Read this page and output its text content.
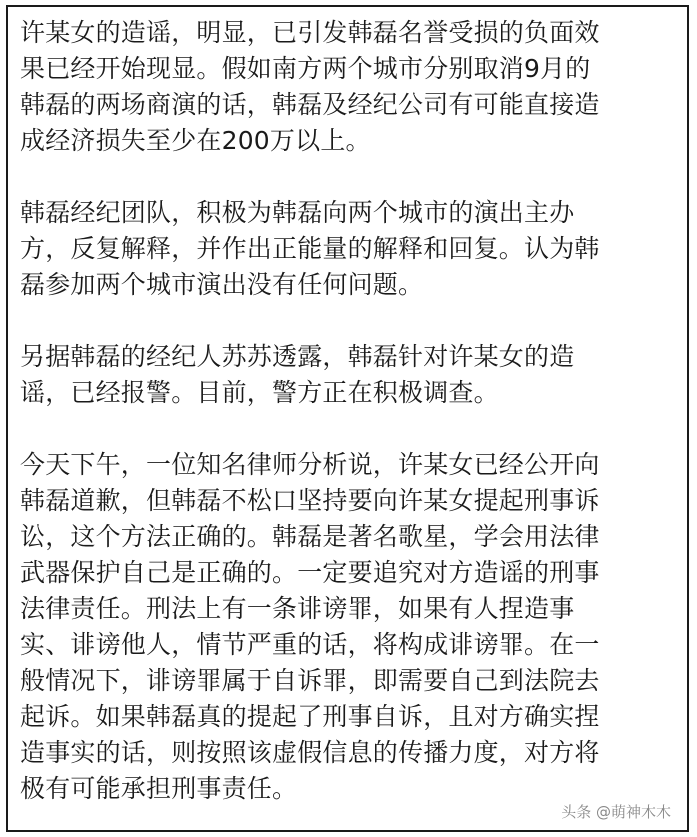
许某女的造谣，明显，已引发韩磊名誉受损的负面效
果已经开始现显。假如南方两个城市分别取消9月的
韩磊的两场商演的话，韩磊及经纪公司有可能直接造
成经济损失至少在200万以上。

韩磊经纪团队，积极为韩磊向两个城市的演出主办
方，反复解释，并作出正能量的解释和回复。认为韩
磊参加两个城市演出没有任何问题。

另据韩磊的经纪人苏苏透露，韩磊针对许某女的造
谣，已经报警。目前，警方正在积极调查。

今天下午，一位知名律师分析说，许某女已经公开向
韩磊道歉，但韩磊不松口坚持要向许某女提起刑事诉
讼，这个方法正确的。韩磊是著名歌星，学会用法律
武器保护自己是正确的。一定要追究对方造谣的刑事
法律责任。刑法上有一条诽谤罪，如果有人捏造事
实、诽谤他人，情节严重的话，将构成诽谤罪。在一
般情况下，诽谤罪属于自诉罪，即需要自己到法院去
起诉。如果韩磊真的提起了刑事自诉，且对方确实捏
造事实的话，则按照该虚假信息的传播力度，对方将
极有可能承担刑事责任。

头条 @萌神木木
